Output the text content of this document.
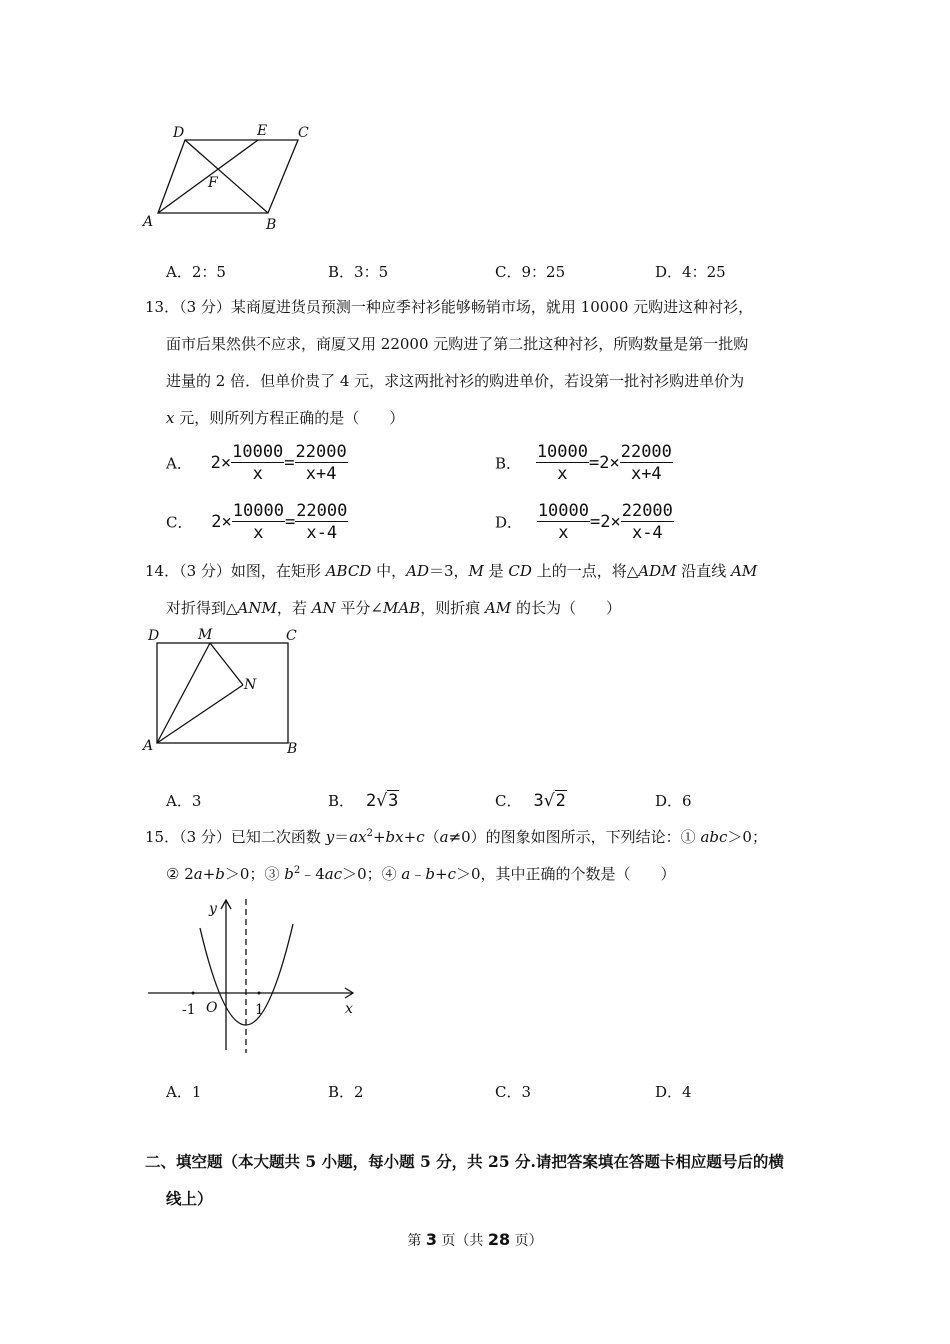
D	E C
F
A	B
A．2：5	B．3：5	C．9：25	D．4：25
13．（3 分）某商厦进货员预测一种应季衬衫能够畅销市场，就用 10000 元购进这种衬衫，
面市后果然供不应求，商厦又用 22000 元购进了第二批这种衬衫，所购数量是第一批购
进量的 2 倍．但单价贵了 4 元，求这两批衬衫的购进单价，若设第一批衬衫购进单价为
x 元，则所列方程正确的是（　　）
A． $2\times \frac{10000}{x} = \frac{22000}{x+4}$	B． $\frac{10000}{x} =2\times \frac{22000}{x+4}$
C． $2\times \frac{10000}{x} = \frac{22000}{x-4}$	D． $\frac{10000}{x} =2\times \frac{22000}{x-4}$
14．（3 分）如图，在矩形 ABCD 中，AD＝3，M 是 CD 上的一点，将△ADM 沿直线 AM
对折得到△ANM，若 AN 平分∠MAB，则折痕 AM 的长为（　　）
D	M	C
N
A	B
A．3	B． 2√3	C． 3√2	D．6
15．（3 分）已知二次函数 $y=ax^2+bx+c(a\ne 0)$的图象如图所示，下列结论：① abc＞0；
② 2a+b＞0；③ $b^2﹣4ac>0$；④ a﹣b+c＞0，其中正确的个数是（　　）
y
x
O
-1	1
A．1	B．2	C．3	D．4
二、填空题（本大题共 5 小题，每小题 5 分，共 25 分.请把答案填在答题卡相应题号后的横
线上）
第 3 页（共 28 页）
